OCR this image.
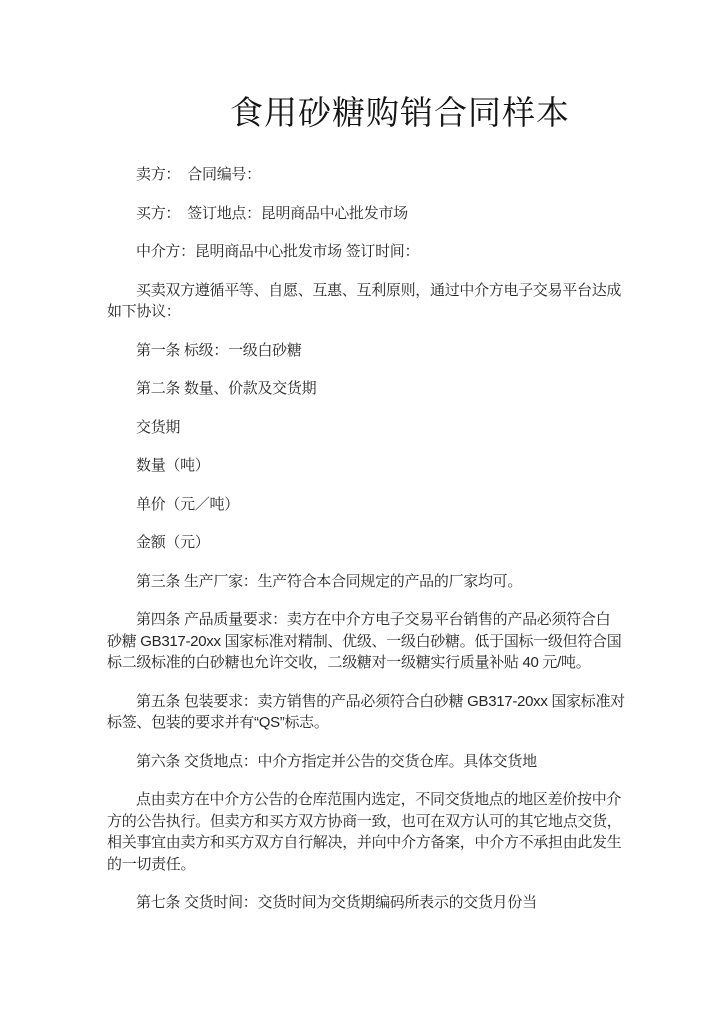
食用砂糖购销合同样本

卖方：　合同编号：

买方：　签订地点：昆明商品中心批发市场

中介方：昆明商品中心批发市场 签订时间：

买卖双方遵循平等、自愿、互惠、互利原则，通过中介方电子交易平台达成
如下协议：

第一条 标级：一级白砂糖

第二条 数量、价款及交货期

交货期

数量（吨）

单价（元／吨）

金额（元）

第三条 生产厂家：生产符合本合同规定的产品的厂家均可。

第四条 产品质量要求：卖方在中介方电子交易平台销售的产品必须符合白
砂糖 GB317-20xx 国家标准对精制、优级、一级白砂糖。低于国标一级但符合国
标二级标准的白砂糖也允许交收，二级糖对一级糖实行质量补贴 40 元/吨。

第五条 包装要求：卖方销售的产品必须符合白砂糖 GB317-20xx 国家标准对
标签、包装的要求并有“QS”标志。

第六条 交货地点：中介方指定并公告的交货仓库。具体交货地

点由卖方在中介方公告的仓库范围内选定，不同交货地点的地区差价按中介
方的公告执行。但卖方和买方双方协商一致，也可在双方认可的其它地点交货，
相关事宜由卖方和买方双方自行解决，并向中介方备案，中介方不承担由此发生
的一切责任。

第七条 交货时间：交货时间为交货期编码所表示的交货月份当
